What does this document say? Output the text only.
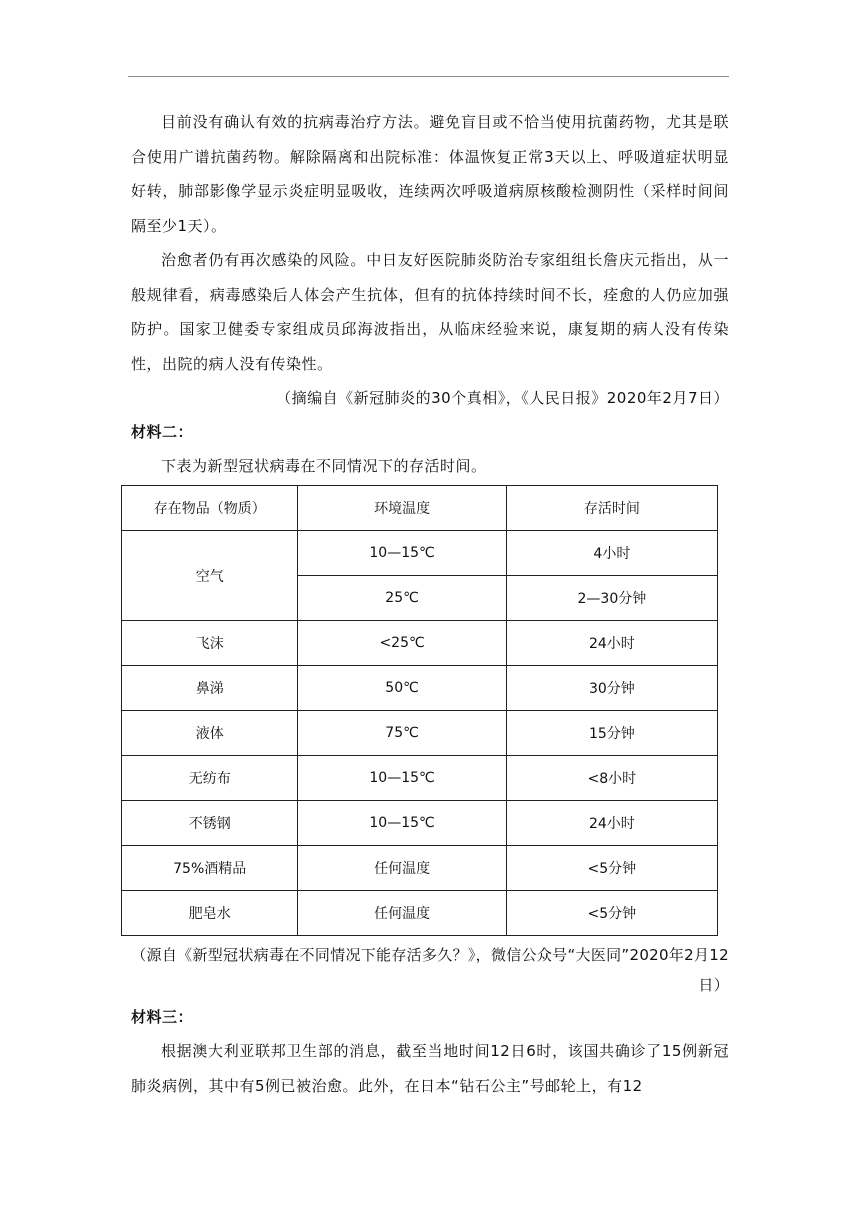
目前没有确认有效的抗病毒治疗方法。避免盲目或不恰当使用抗菌药物，尤其是联合使用广谱抗菌药物。解除隔离和出院标准：体温恢复正常3天以上、呼吸道症状明显好转，肺部影像学显示炎症明显吸收，连续两次呼吸道病原核酸检测阴性（采样时间间隔至少1天）。

治愈者仍有再次感染的风险。中日友好医院肺炎防治专家组组长詹庆元指出，从一般规律看，病毒感染后人体会产生抗体，但有的抗体持续时间不长，痊愈的人仍应加强防护。国家卫健委专家组成员邱海波指出，从临床经验来说，康复期的病人没有传染性，出院的病人没有传染性。

（摘编自《新冠肺炎的30个真相》，《人民日报》2020年2月7日）

材料二：

下表为新型冠状病毒在不同情况下的存活时间。

存在物品（物质）	环境温度	存活时间
空气	10—15℃	4小时
	25℃	2—30分钟
飞沫	<25℃	24小时
鼻涕	50℃	30分钟
液体	75℃	15分钟
无纺布	10—15℃	<8小时
不锈钢	10—15℃	24小时
75%酒精品	任何温度	<5分钟
肥皂水	任何温度	<5分钟

（源自《新型冠状病毒在不同情况下能存活多久？》，微信公众号“大医同”2020年2月12日）

材料三：

根据澳大利亚联邦卫生部的消息，截至当地时间12日6时，该国共确诊了15例新冠肺炎病例，其中有5例已被治愈。此外，在日本“钻石公主”号邮轮上，有12
